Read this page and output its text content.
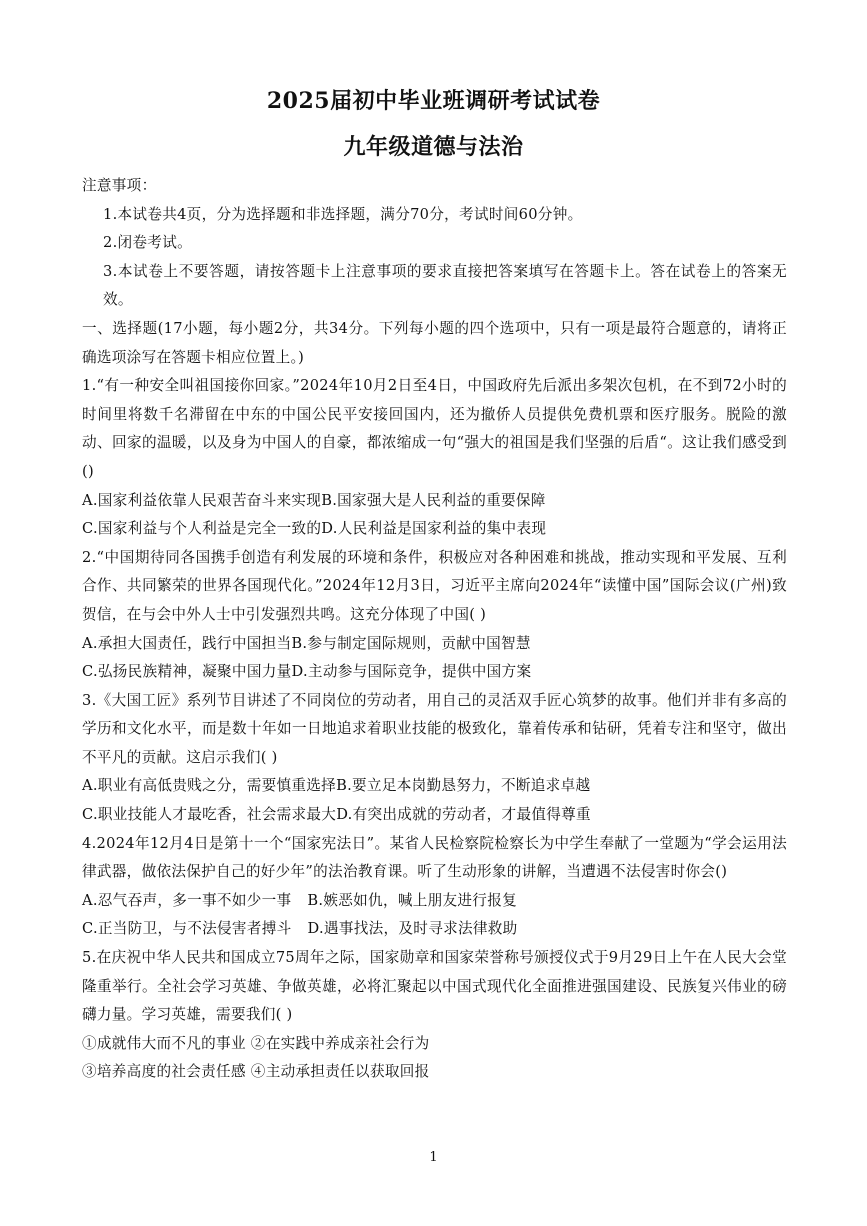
2025届初中毕业班调研考试试卷
九年级道德与法治

注意事项：

1.本试卷共4页，分为选择题和非选择题，满分70分，考试时间60分钟。

2.闭卷考试。

3.本试卷上不要答题，请按答题卡上注意事项的要求直接把答案填写在答题卡上。答在试卷上的答案无效。

一、选择题(17小题，每小题2分，共34分。下列每小题的四个选项中，只有一项是最符合题意的，请将正确选项涂写在答题卡相应位置上。)

1.“有一种安全叫祖国接你回家。”2024年10月2日至4日，中国政府先后派出多架次包机，在不到72小时的时间里将数千名滞留在中东的中国公民平安接回国内，还为撤侨人员提供免费机票和医疗服务。脱险的激动、回家的温暖，以及身为中国人的自豪，都浓缩成一句“强大的祖国是我们坚强的后盾“。这让我们感受到()

A.国家利益依靠人民艰苦奋斗来实现B.国家强大是人民利益的重要保障

C.国家利益与个人利益是完全一致的D.人民利益是国家利益的集中表现

2.“中国期待同各国携手创造有利发展的环境和条件，积极应对各种困难和挑战，推动实现和平发展、互利合作、共同繁荣的世界各国现代化。”2024年12月3日，习近平主席向2024年“读懂中国”国际会议(广州)致贺信，在与会中外人士中引发强烈共鸣。这充分体现了中国( )

A.承担大国责任，践行中国担当B.参与制定国际规则，贡献中国智慧

C.弘扬民族精神，凝聚中国力量D.主动参与国际竞争，提供中国方案

3.《大国工匠》系列节目讲述了不同岗位的劳动者，用自己的灵活双手匠心筑梦的故事。他们并非有多高的学历和文化水平，而是数十年如一日地追求着职业技能的极致化，靠着传承和钻研，凭着专注和坚守，做出不平凡的贡献。这启示我们( )

A.职业有高低贵贱之分，需要慎重选择B.要立足本岗勤恳努力，不断追求卓越

C.职业技能人才最吃香，社会需求最大D.有突出成就的劳动者，才最值得尊重

4.2024年12月4日是第十一个“国家宪法日”。某省人民检察院检察长为中学生奉献了一堂题为“学会运用法律武器，做依法保护自己的好少年”的法治教育课。听了生动形象的讲解，当遭遇不法侵害时你会()

A.忍气吞声，多一事不如少一事 B.嫉恶如仇，喊上朋友进行报复

C.正当防卫，与不法侵害者搏斗 D.遇事找法，及时寻求法律救助

5.在庆祝中华人民共和国成立75周年之际，国家勋章和国家荣誉称号颁授仪式于9月29日上午在人民大会堂隆重举行。全社会学习英雄、争做英雄，必将汇聚起以中国式现代化全面推进强国建设、民族复兴伟业的磅礴力量。学习英雄，需要我们( )

①成就伟大而不凡的事业 ②在实践中养成亲社会行为

③培养高度的社会责任感 ④主动承担责任以获取回报

1
